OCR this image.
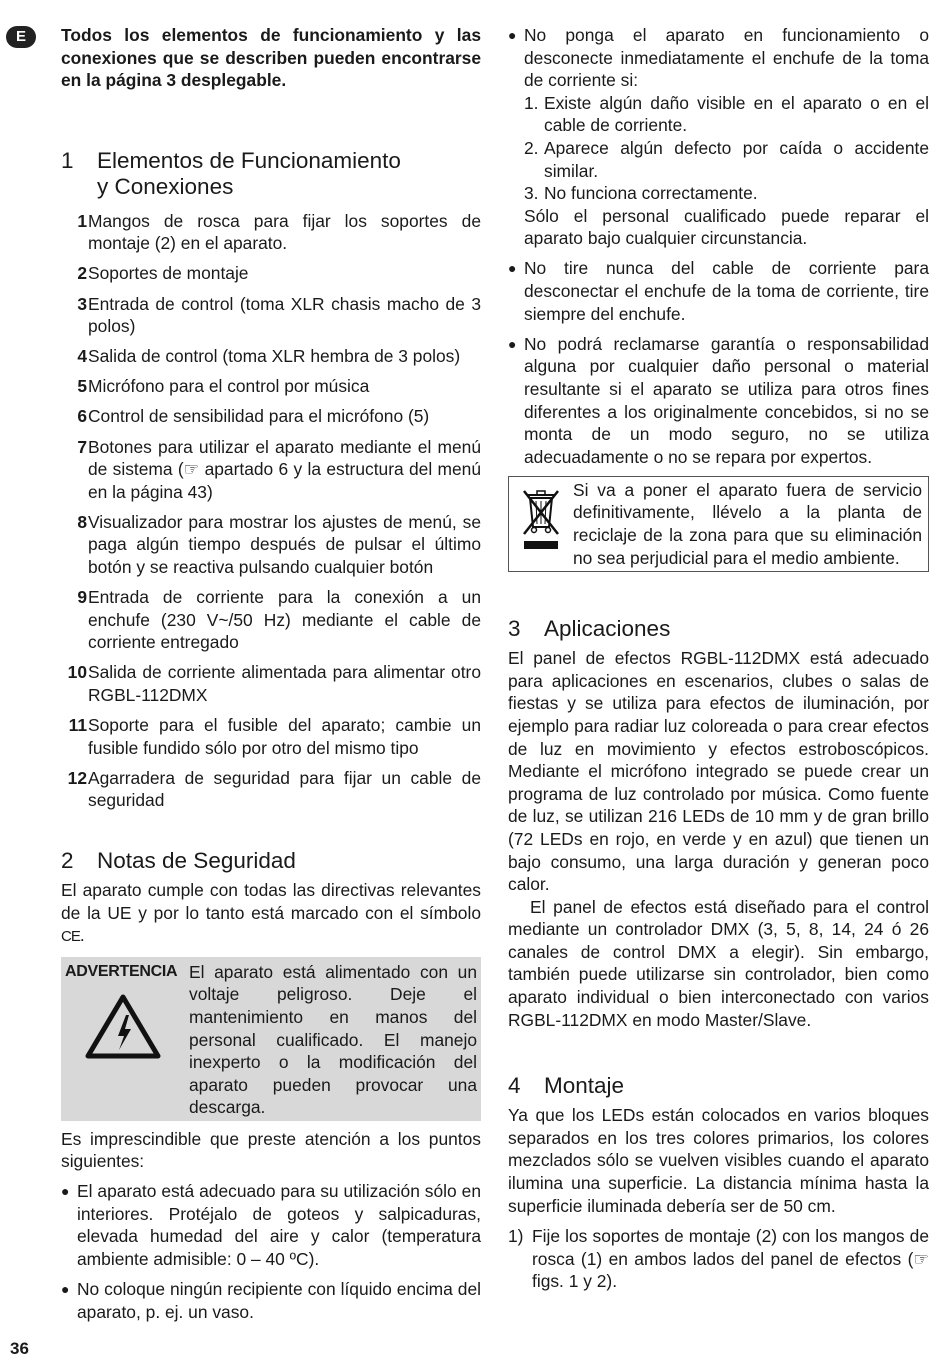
E	Todos los elementos de funcionamiento y las conexiones que se describen pueden encontrarse en la página 3 desplegable.

1 Elementos de Funcionamiento
y Conexiones
1 Mangos de rosca para fijar los soportes de montaje (2) en el aparato.
2 Soportes de montaje
3 Entrada de control (toma XLR chasis macho de 3 polos)
4 Salida de control (toma XLR hembra de 3 polos)
5 Micrófono para el control por música
6 Control de sensibilidad para el micrófono (5)
7 Botones para utilizar el aparato mediante el menú de sistema (☞ apartado 6 y la estructura del menú en la página 43)
8 Visualizador para mostrar los ajustes de menú, se paga algún tiempo después de pulsar el último botón y se reactiva pulsando cualquier botón
9 Entrada de corriente para la conexión a un enchufe (230 V~/50 Hz) mediante el cable de corriente entregado
10 Salida de corriente alimentada para alimentar otro RGBL-112DMX
11 Soporte para el fusible del aparato; cambie un fusible fundido sólo por otro del mismo tipo
12 Agarradera de seguridad para fijar un cable de seguridad
2 Notas de Seguridad

El aparato cumple con todas las directivas relevantes de la UE y por lo tanto está marcado con el símbolo CE.

ADVERTENCIA El aparato está alimentado con un voltaje peligroso. Deje el mantenimiento en manos del personal cualificado. El manejo inexperto o la modificación del aparato pueden provocar una descarga.

Es imprescindible que preste atención a los puntos siguientes:

● El aparato está adecuado para su utilización sólo en interiores. Protéjalo de goteos y salpicaduras, elevada humedad del aire y calor (temperatura ambiente admisible: 0 – 40 ºC).
● No coloque ningún recipiente con líquido encima del aparato, p. ej. un vaso.
● No ponga el aparato en funcionamiento o desconecte inmediatamente el enchufe de la toma de corriente si:
1. Existe algún daño visible en el aparato o en el cable de corriente.
2. Aparece algún defecto por caída o accidente similar.
3. No funciona correctamente.
Sólo el personal cualificado puede reparar el aparato bajo cualquier circunstancia.
● No tire nunca del cable de corriente para desconectar el enchufe de la toma de corriente, tire siempre del enchufe.
● No podrá reclamarse garantía o responsabilidad alguna por cualquier daño personal o material resultante si el aparato se utiliza para otros fines diferentes a los originalmente concebidos, si no se monta de un modo seguro, no se utiliza adecuadamente o no se repara por expertos.
Si va a poner el aparato fuera de servicio definitivamente, llévelo a la planta de reciclaje de la zona para que su eliminación no sea perjudicial para el medio ambiente.
3 Aplicaciones

El panel de efectos RGBL-112DMX está adecuado para aplicaciones en escenarios, clubes o salas de fiestas y se utiliza para efectos de iluminación, por ejemplo para radiar luz coloreada o para crear efectos de luz en movimiento y efectos estroboscópicos. Mediante el micrófono integrado se puede crear un programa de luz controlado por música. Como fuente de luz, se utilizan 216 LEDs de 10 mm y de gran brillo (72 LEDs en rojo, en verde y en azul) que tienen un bajo consumo, una larga duración y generan poco calor.

El panel de efectos está diseñado para el control mediante un controlador DMX (3, 5, 8, 14, 24 ó 26 canales de control DMX a elegir). Sin embargo, también puede utilizarse sin controlador, bien como aparato individual o bien interconectado con varios RGBL-112DMX en modo Master/Slave.

4 Montaje

Ya que los LEDs están colocados en varios bloques separados en los tres colores primarios, los colores mezclados sólo se vuelven visibles cuando el aparato ilumina una superficie. La distancia mínima hasta la superficie iluminada debería ser de 50 cm.

1) Fije los soportes de montaje (2) con los mangos de rosca (1) en ambos lados del panel de efectos (☞ figs. 1 y 2).
36
